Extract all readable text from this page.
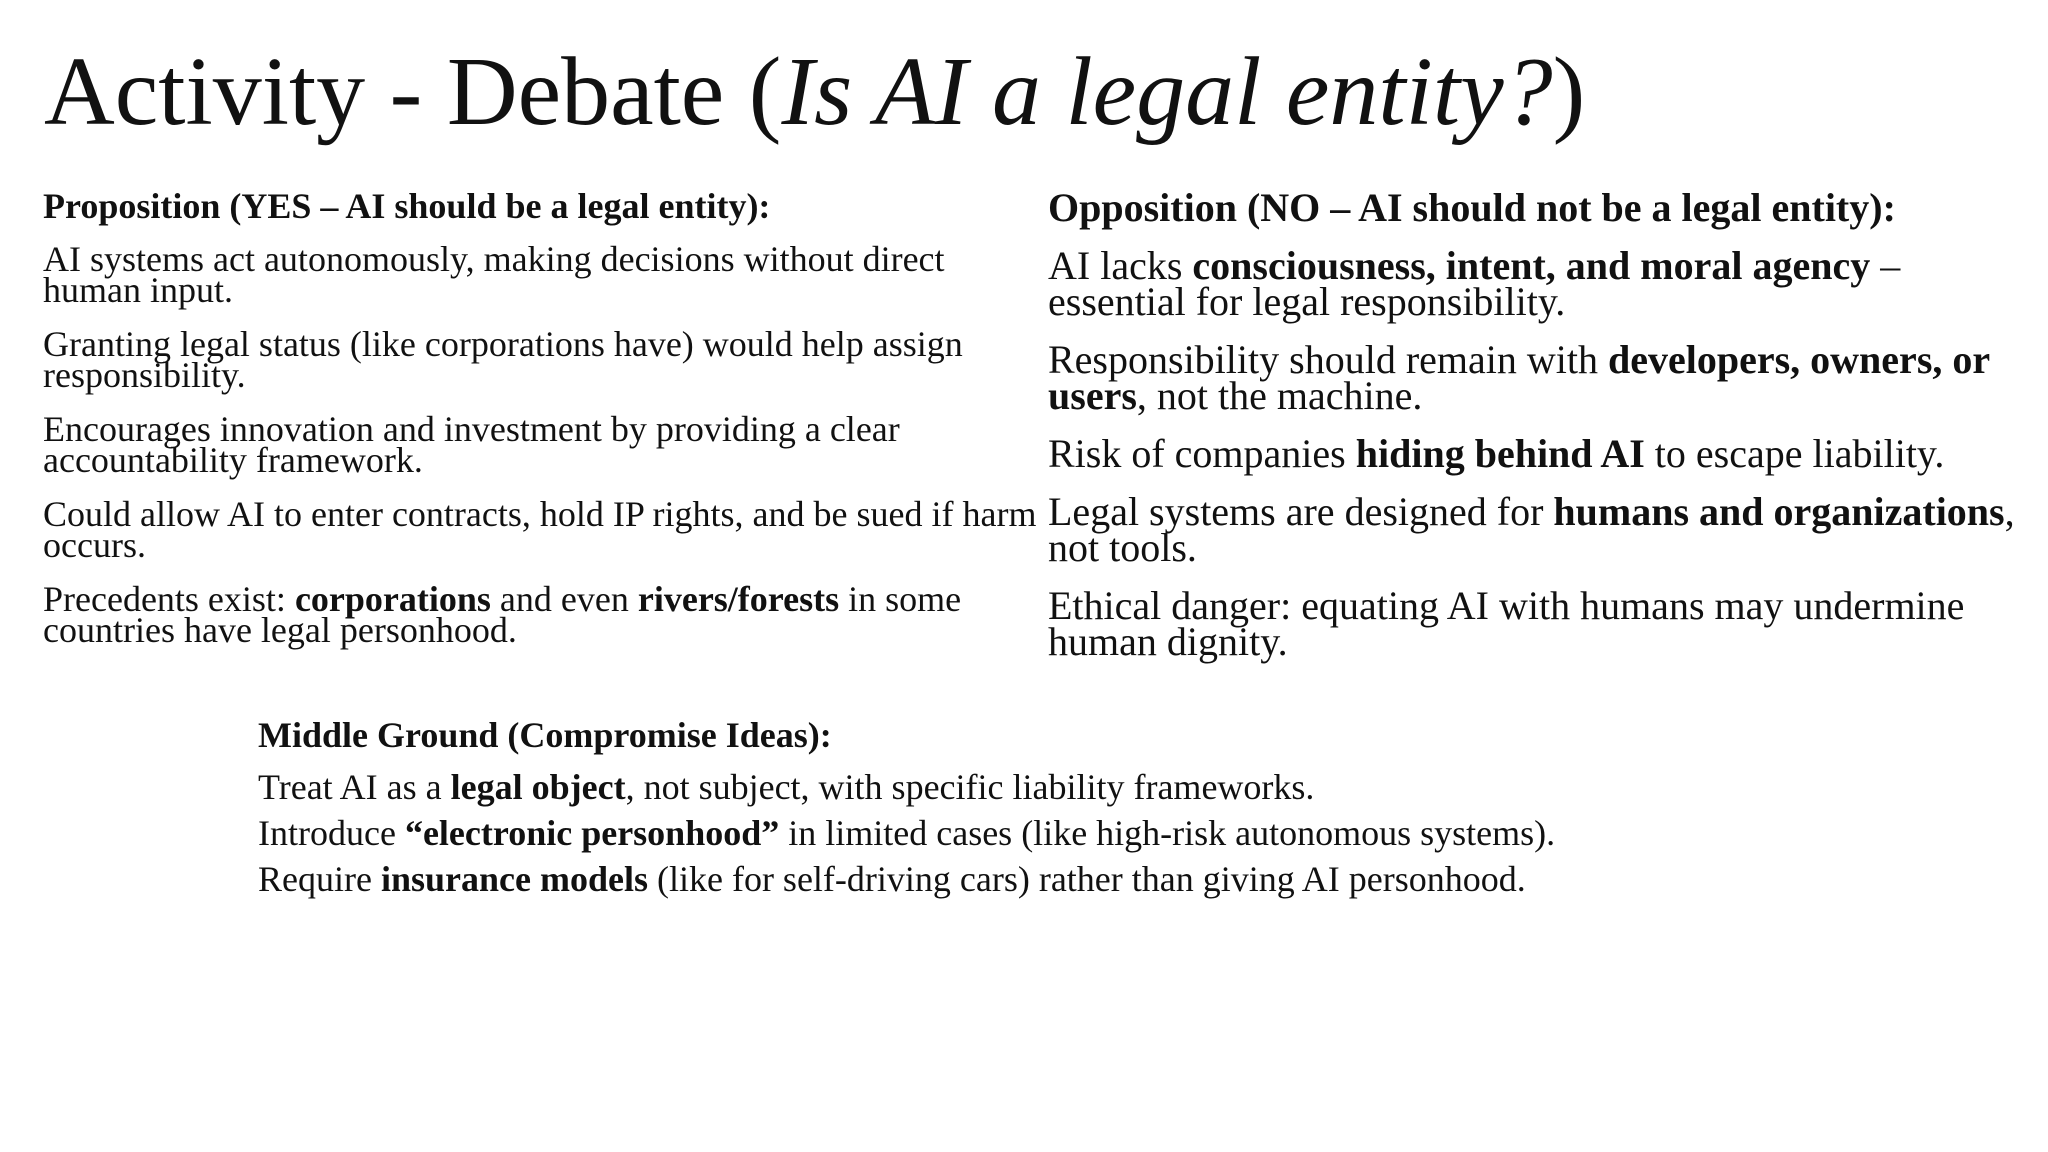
Activity - Debate (Is AI a legal entity?)
Proposition (YES – AI should be a legal entity):
AI systems act autonomously, making decisions without direct human input.
Granting legal status (like corporations have) would help assign responsibility.
Encourages innovation and investment by providing a clear accountability framework.
Could allow AI to enter contracts, hold IP rights, and be sued if harm occurs.
Precedents exist: corporations and even rivers/forests in some countries have legal personhood.
Opposition (NO – AI should not be a legal entity):
AI lacks consciousness, intent, and moral agency – essential for legal responsibility.
Responsibility should remain with developers, owners, or users, not the machine.
Risk of companies hiding behind AI to escape liability.
Legal systems are designed for humans and organizations, not tools.
Ethical danger: equating AI with humans may undermine human dignity.
Middle Ground (Compromise Ideas):
Treat AI as a legal object, not subject, with specific liability frameworks.
Introduce “electronic personhood” in limited cases (like high-risk autonomous systems).
Require insurance models (like for self-driving cars) rather than giving AI personhood.
